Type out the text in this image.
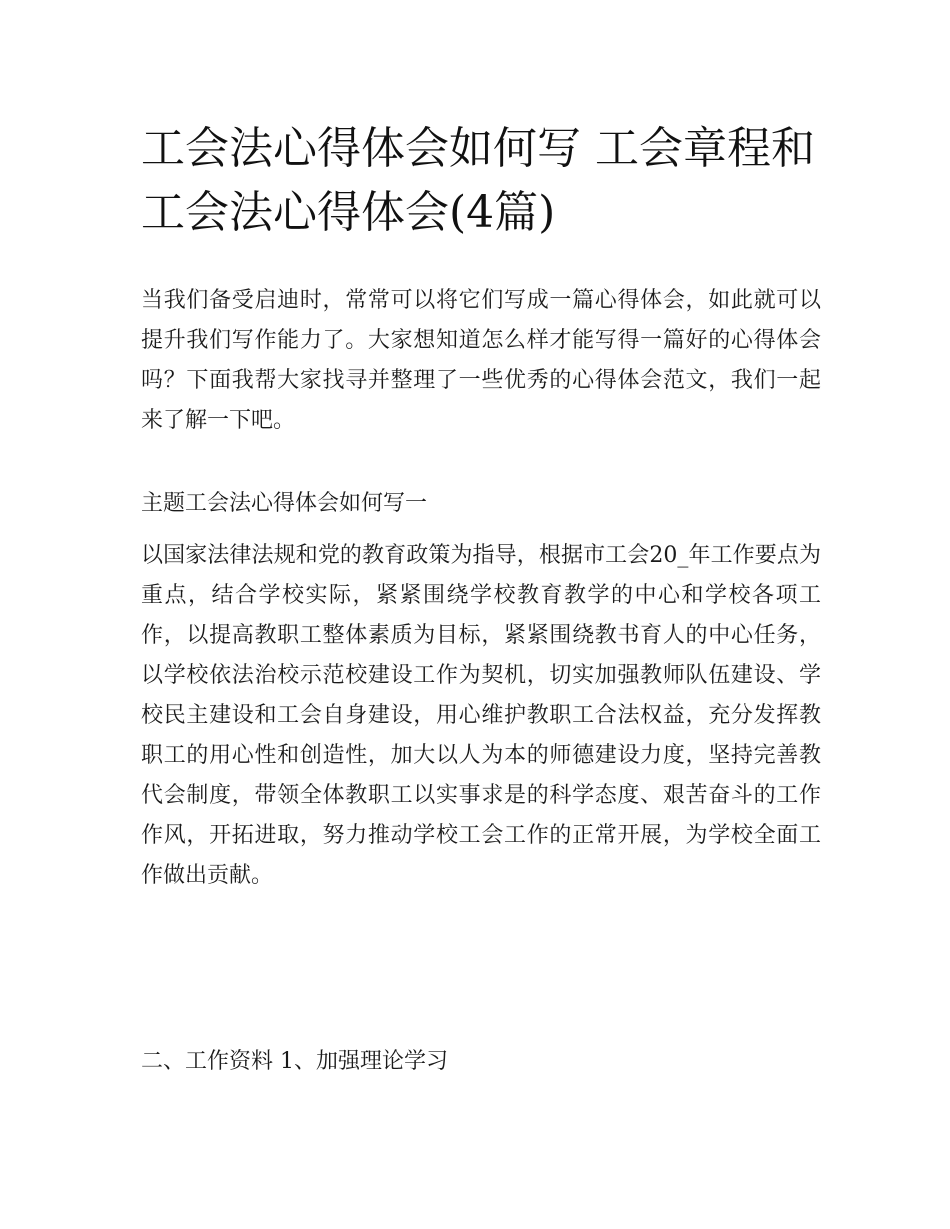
工会法心得体会如何写 工会章程和工会法心得体会(4篇)

当我们备受启迪时，常常可以将它们写成一篇心得体会，如此就可以提升我们写作能力了。大家想知道怎么样才能写得一篇好的心得体会吗？下面我帮大家找寻并整理了一些优秀的心得体会范文，我们一起来了解一下吧。

主题工会法心得体会如何写一

以国家法律法规和党的教育政策为指导，根据市工会20_年工作要点为重点，结合学校实际，紧紧围绕学校教育教学的中心和学校各项工作，以提高教职工整体素质为目标，紧紧围绕教书育人的中心任务，以学校依法治校示范校建设工作为契机，切实加强教师队伍建设、学校民主建设和工会自身建设，用心维护教职工合法权益，充分发挥教职工的用心性和创造性，加大以人为本的师德建设力度，坚持完善教代会制度，带领全体教职工以实事求是的科学态度、艰苦奋斗的工作作风，开拓进取，努力推动学校工会工作的正常开展，为学校全面工作做出贡献。

二、工作资料 1、加强理论学习
